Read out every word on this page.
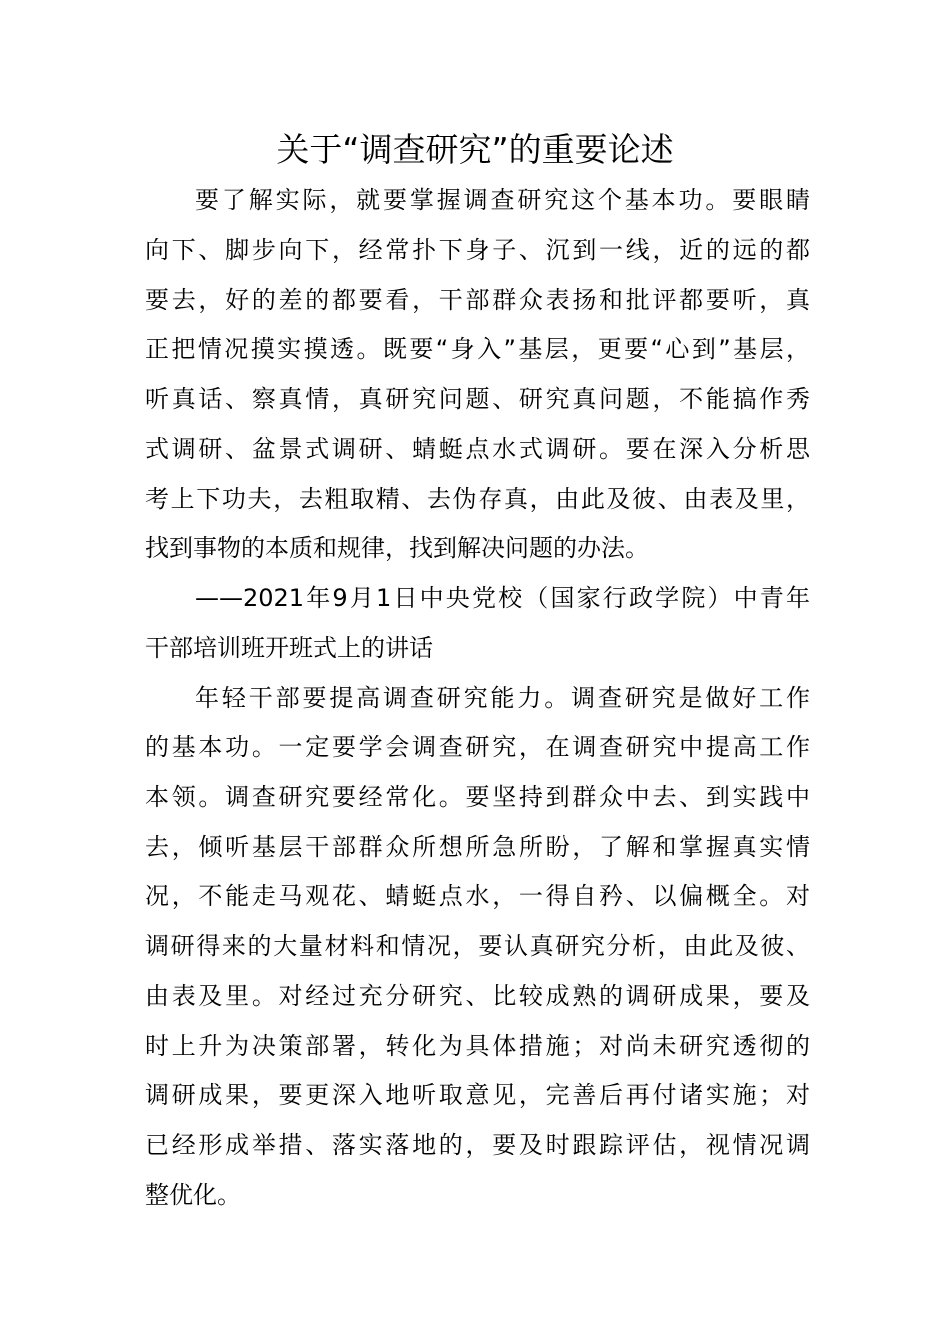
关于“调查研究”的重要论述
要了解实际，就要掌握调查研究这个基本功。要眼睛
向下、脚步向下，经常扑下身子、沉到一线，近的远的都
要去，好的差的都要看，干部群众表扬和批评都要听，真
正把情况摸实摸透。既要“身入”基层，更要“心到”基层，
听真话、察真情，真研究问题、研究真问题，不能搞作秀
式调研、盆景式调研、蜻蜓点水式调研。要在深入分析思
考上下功夫，去粗取精、去伪存真，由此及彼、由表及里，
找到事物的本质和规律，找到解决问题的办法。
——2021年9月1日中央党校（国家行政学院）中青年
干部培训班开班式上的讲话
年轻干部要提高调查研究能力。调查研究是做好工作
的基本功。一定要学会调查研究，在调查研究中提高工作
本领。调查研究要经常化。要坚持到群众中去、到实践中
去，倾听基层干部群众所想所急所盼，了解和掌握真实情
况，不能走马观花、蜻蜓点水，一得自矜、以偏概全。对
调研得来的大量材料和情况，要认真研究分析，由此及彼、
由表及里。对经过充分研究、比较成熟的调研成果，要及
时上升为决策部署，转化为具体措施；对尚未研究透彻的
调研成果，要更深入地听取意见，完善后再付诸实施；对
已经形成举措、落实落地的，要及时跟踪评估，视情况调
整优化。
